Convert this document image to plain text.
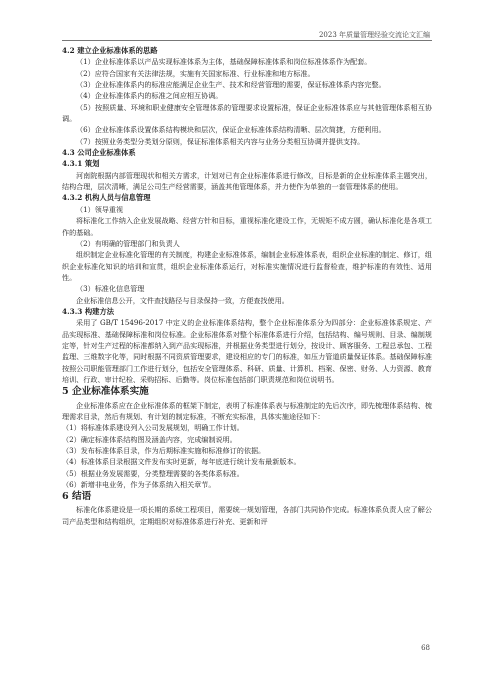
2023 年质量管理经验交流论文汇编

4.2 建立企业标准体系的思路

（1）企业标准体系以产品实现标准体系为主体，基础保障标准体系和岗位标准体系作为配套。

（2）应符合国家有关法律法规，实施有关国家标准、行业标准和地方标准。

（3）企业标准体系内的标准应能满足企业生产、技术和经营管理的需要，保证标准体系内容完整。

（4）企业标准体系内的标准之间应相互协调。

（5）按照质量、环境和职业健康安全管理体系的管理要求设置标准，保证企业标准体系应与其他管理体系相互协调。

（6）企业标准体系设置体系结构模块和层次，保证企业标准体系结构清晰、层次简捷，方便利用。

（7）按照业务类型分类划分原则，保证标准体系相关内容与业务分类相互协调并提供支持。

4.3 公司企业标准体系

4.3.1 策划

河南院根据内部管理现状和相关方需求，计划对已有企业标准体系进行修改，目标是新的企业标准体系主题突出，结构合理，层次清晰，满足公司生产经营需要，涵盖其他管理体系，并力使作为单独的一套管理体系的使用。

4.3.2 机构人员与信息管理

（1）领导重视

将标准化工作纳入企业发展战略、经营方针和目标，重视标准化建设工作，无规矩不成方圆，确认标准化是各项工作的基础。

（2）有明确的管理部门和负责人

组织制定企业标准化管理的有关制度，构建企业标准体系，编制企业标准体系表，组织企业标准的制定、修订，组织企业标准化知识的培训和宣贯，组织企业标准体系运行，对标准实施情况进行监督检查，维护标准的有效性、适用性。

（3）标准化信息管理

企业标准信息公开，文件查找路径与目录保持一致，方便查找使用。

4.3.3 构建方法

采用了 GB/T 15496-2017 中定义的企业标准体系结构，整个企业标准体系分为四部分：企业标准体系规定、产品实现标准、基础保障标准和岗位标准。企业标准体系对整个标准体系进行介绍，包括结构、编号规则、目录、编制规定等，针对生产过程的标准都纳入到产品实现标准，并根据业务类型进行划分，按设计、顾客服务、工程总承包、工程监理、三维数字化等，同时根据不同资质管理要求，建设相应的专门的标准，如压力管道质量保证体系。基础保障标准按照公司职能管理部门工作进行划分，包括安全管理体系、科研、质量、计算机、档案、保密、财务、人力资源、教育培训、行政、审计纪检、采购招标、后勤等。岗位标准包括部门职责规范和岗位说明书。

5 企业标准体系实施

企业标准体系应在企业标准体系的框架下制定，表明了标准体系表与标准制定的先后次序，即先梳理体系结构、梳理需求目录，然后有规划、有计划的制定标准，不断充实标准，具体实施途径如下：

（1）将标准体系建设列入公司发展规划，明确工作计划。

（2）确定标准体系结构图及涵盖内容，完成编制说明。

（3）发布标准体系目录，作为后期标准实施和标准修订的依据。

（4）标准体系目录根据文件发布实时更新，每年底进行统计发布最新版本。

（5）根据业务发展需要，分类整理需要的各类体系标准。

（6）新增非电业务，作为子体系纳入相关章节。

6 结语

标准化体系建设是一项长期的系统工程项目，需要统一规划管理，各部门共同协作完成。标准体系负责人应了解公司产品类型和结构组织，定期组织对标准体系进行补充、更新和评

68
